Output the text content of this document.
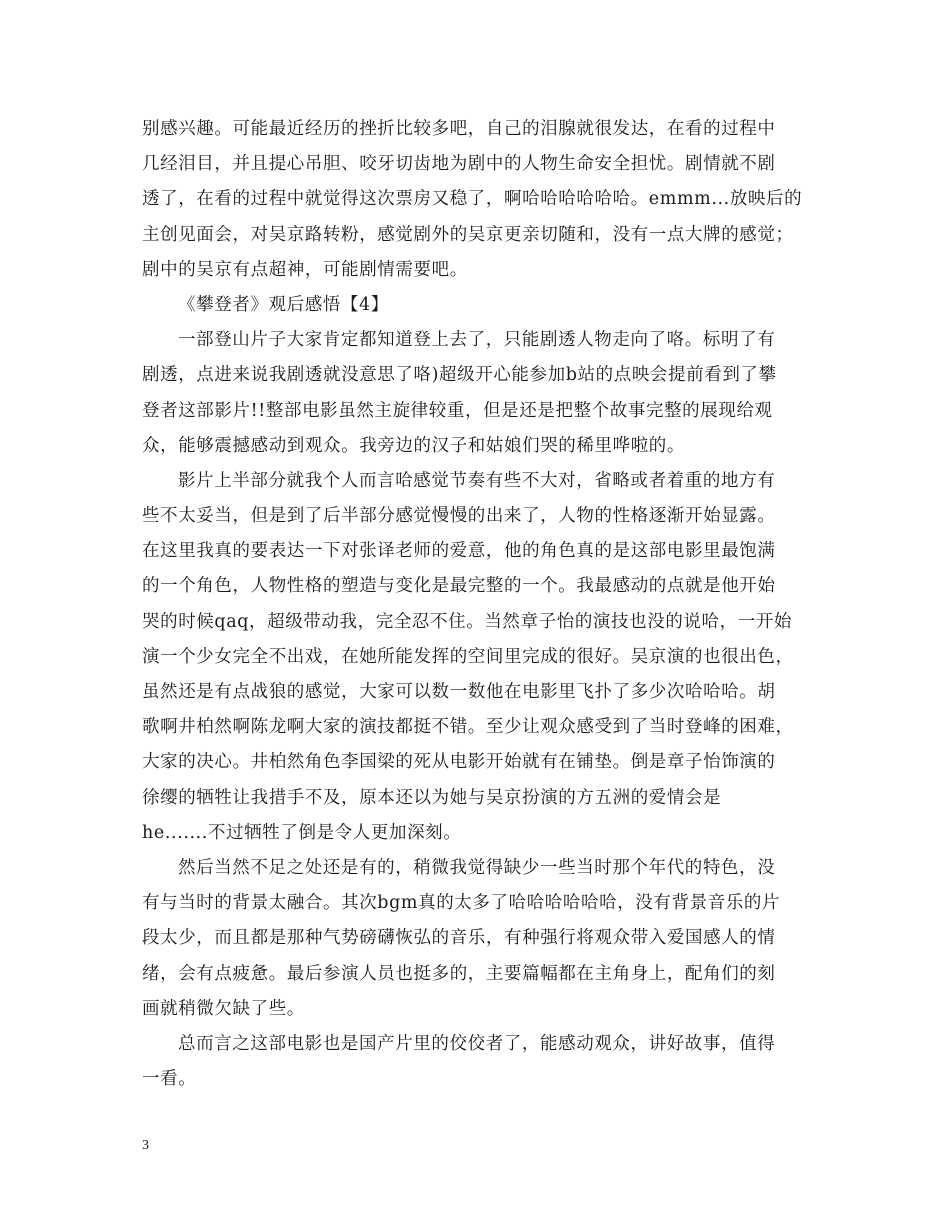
别感兴趣。可能最近经历的挫折比较多吧，自己的泪腺就很发达，在看的过程中
几经泪目，并且提心吊胆、咬牙切齿地为剧中的人物生命安全担忧。剧情就不剧
透了，在看的过程中就觉得这次票房又稳了，啊哈哈哈哈哈哈。emmm...放映后的
主创见面会，对吴京路转粉，感觉剧外的吴京更亲切随和，没有一点大牌的感觉；
剧中的吴京有点超神，可能剧情需要吧。
《攀登者》观后感悟【4】
一部登山片子大家肯定都知道登上去了，只能剧透人物走向了咯。标明了有
剧透，点进来说我剧透就没意思了咯)超级开心能参加b站的点映会提前看到了攀
登者这部影片!!整部电影虽然主旋律较重，但是还是把整个故事完整的展现给观
众，能够震撼感动到观众。我旁边的汉子和姑娘们哭的稀里哗啦的。
影片上半部分就我个人而言哈感觉节奏有些不大对，省略或者着重的地方有
些不太妥当，但是到了后半部分感觉慢慢的出来了，人物的性格逐渐开始显露。
在这里我真的要表达一下对张译老师的爱意，他的角色真的是这部电影里最饱满
的一个角色，人物性格的塑造与变化是最完整的一个。我最感动的点就是他开始
哭的时候qaq，超级带动我，完全忍不住。当然章子怡的演技也没的说哈，一开始
演一个少女完全不出戏，在她所能发挥的空间里完成的很好。吴京演的也很出色，
虽然还是有点战狼的感觉，大家可以数一数他在电影里飞扑了多少次哈哈哈。胡
歌啊井柏然啊陈龙啊大家的演技都挺不错。至少让观众感受到了当时登峰的困难，
大家的决心。井柏然角色李国梁的死从电影开始就有在铺垫。倒是章子怡饰演的
徐缨的牺牲让我措手不及，原本还以为她与吴京扮演的方五洲的爱情会是
he.......不过牺牲了倒是令人更加深刻。
然后当然不足之处还是有的，稍微我觉得缺少一些当时那个年代的特色，没
有与当时的背景太融合。其次bgm真的太多了哈哈哈哈哈哈，没有背景音乐的片
段太少，而且都是那种气势磅礴恢弘的音乐，有种强行将观众带入爱国感人的情
绪，会有点疲惫。最后参演人员也挺多的，主要篇幅都在主角身上，配角们的刻
画就稍微欠缺了些。
总而言之这部电影也是国产片里的佼佼者了，能感动观众，讲好故事，值得
一看。
3
